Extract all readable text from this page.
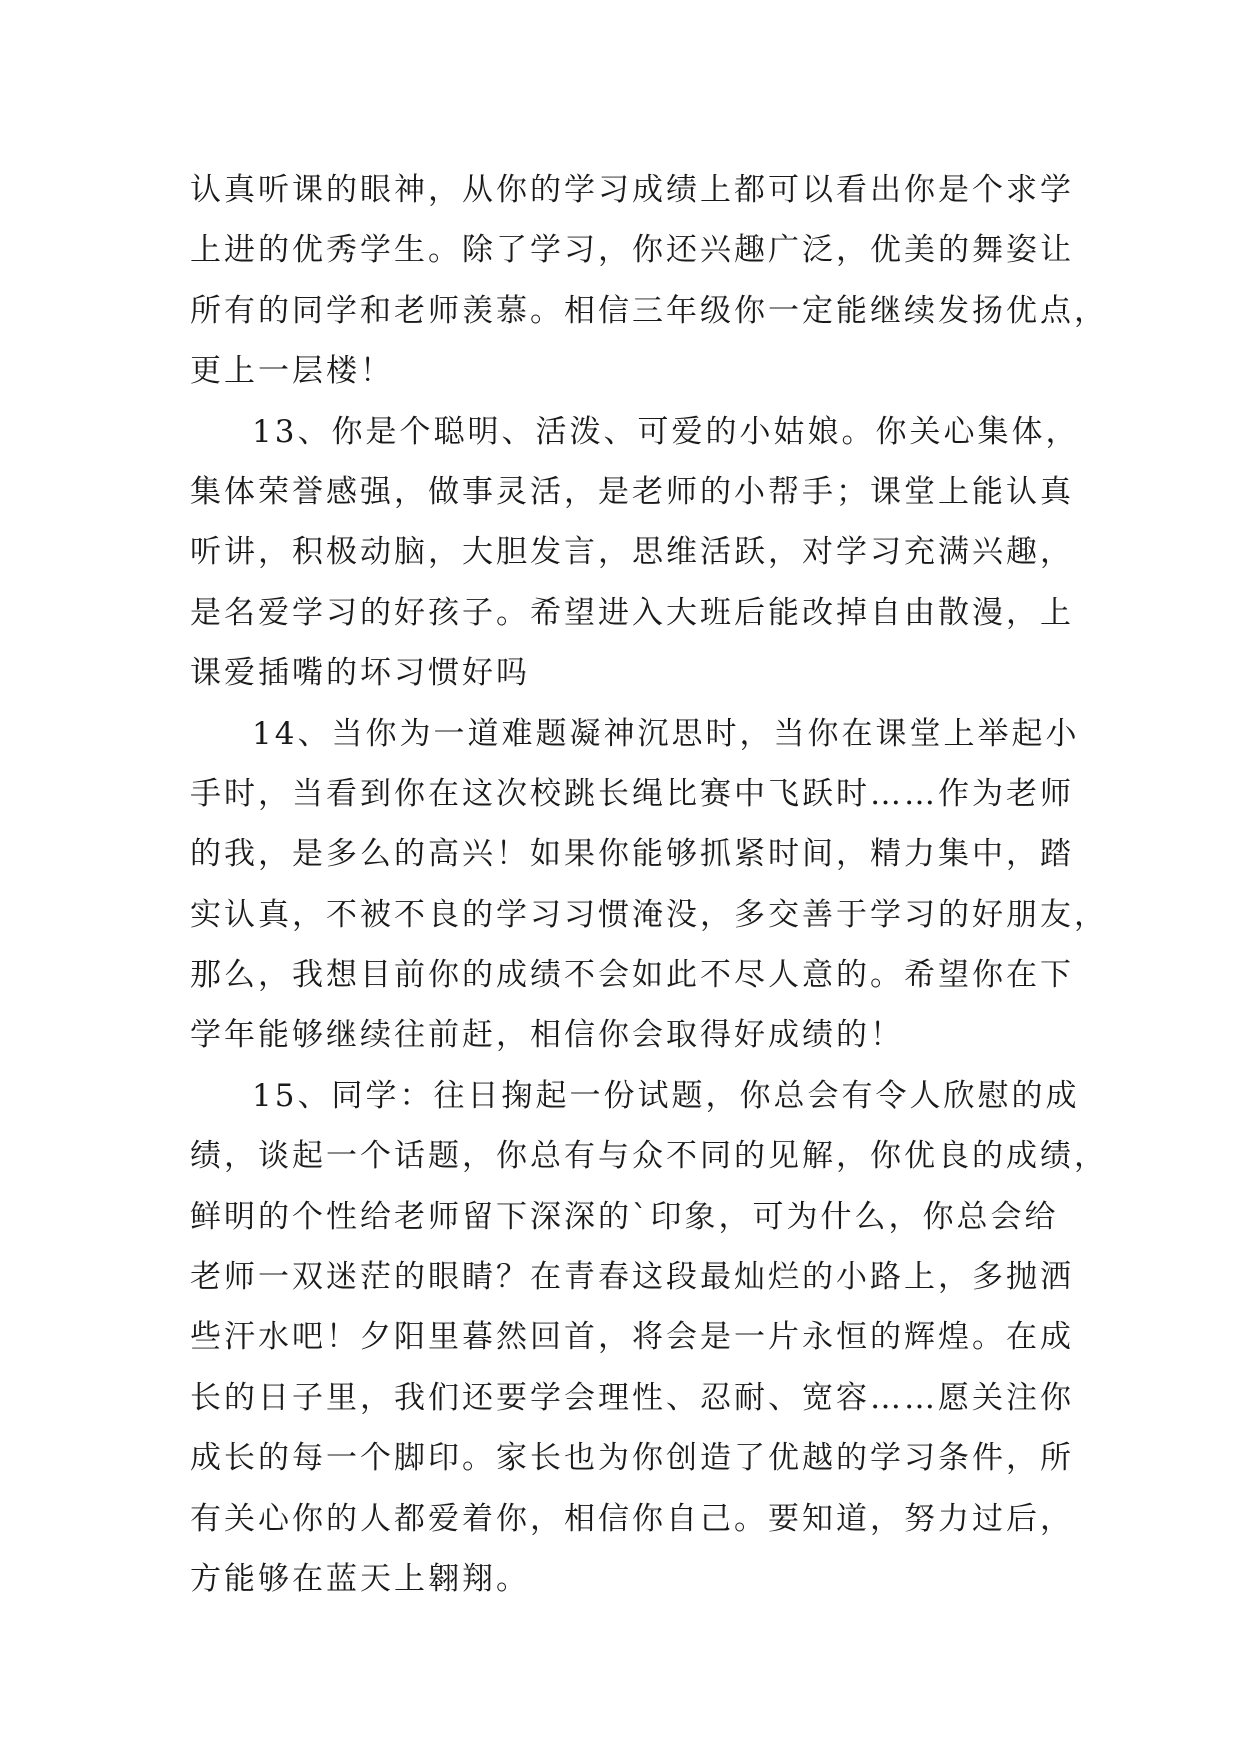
认真听课的眼神，从你的学习成绩上都可以看出你是个求学
上进的优秀学生。除了学习，你还兴趣广泛，优美的舞姿让
所有的同学和老师羡慕。相信三年级你一定能继续发扬优点，
更上一层楼！
13、你是个聪明、活泼、可爱的小姑娘。你关心集体，
集体荣誉感强，做事灵活，是老师的小帮手；课堂上能认真
听讲，积极动脑，大胆发言，思维活跃，对学习充满兴趣，
是名爱学习的好孩子。希望进入大班后能改掉自由散漫，上
课爱插嘴的坏习惯好吗
14、当你为一道难题凝神沉思时，当你在课堂上举起小
手时，当看到你在这次校跳长绳比赛中飞跃时……作为老师
的我，是多么的高兴！如果你能够抓紧时间，精力集中，踏
实认真，不被不良的学习习惯淹没，多交善于学习的好朋友，
那么，我想目前你的成绩不会如此不尽人意的。希望你在下
学年能够继续往前赶，相信你会取得好成绩的！
15、同学：往日掬起一份试题，你总会有令人欣慰的成
绩，谈起一个话题，你总有与众不同的见解，你优良的成绩，
鲜明的个性给老师留下深深的`印象，可为什么，你总会给
老师一双迷茫的眼睛？在青春这段最灿烂的小路上，多抛洒
些汗水吧！夕阳里暮然回首，将会是一片永恒的辉煌。在成
长的日子里，我们还要学会理性、忍耐、宽容……愿关注你
成长的每一个脚印。家长也为你创造了优越的学习条件，所
有关心你的人都爱着你，相信你自己。要知道，努力过后，
方能够在蓝天上翱翔。
